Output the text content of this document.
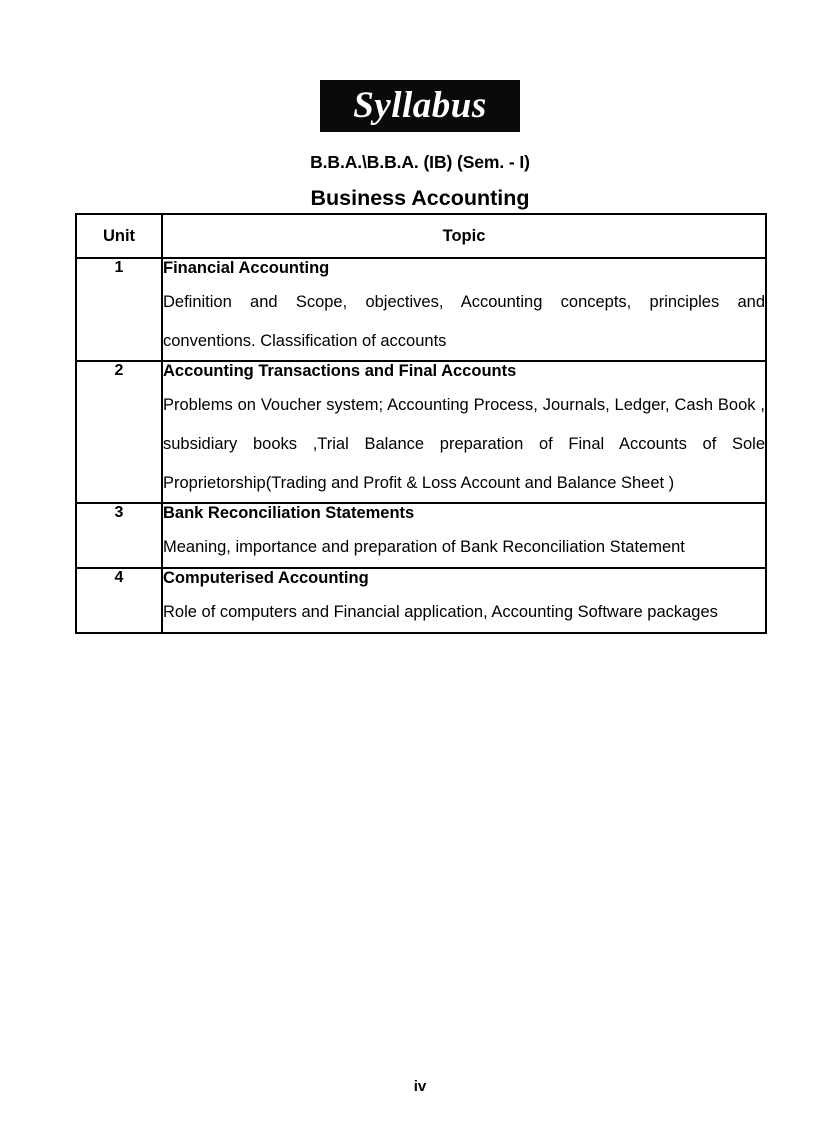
Syllabus
B.B.A.\B.B.A. (IB) (Sem. - I)
Business Accounting
Unit	Topic
1	Financial Accounting

Definition and Scope, objectives, Accounting concepts, principles and conventions. Classification of accounts

2	Accounting Transactions and Final Accounts

Problems on Voucher system; Accounting Process, Journals, Ledger, Cash Book , subsidiary books ,Trial Balance preparation of Final Accounts of Sole Proprietorship(Trading and Profit & Loss Account and Balance Sheet )

3	Bank Reconciliation Statements

Meaning, importance and preparation of Bank Reconciliation Statement

4	Computerised Accounting

Role of computers and Financial application, Accounting Software packages

iv
